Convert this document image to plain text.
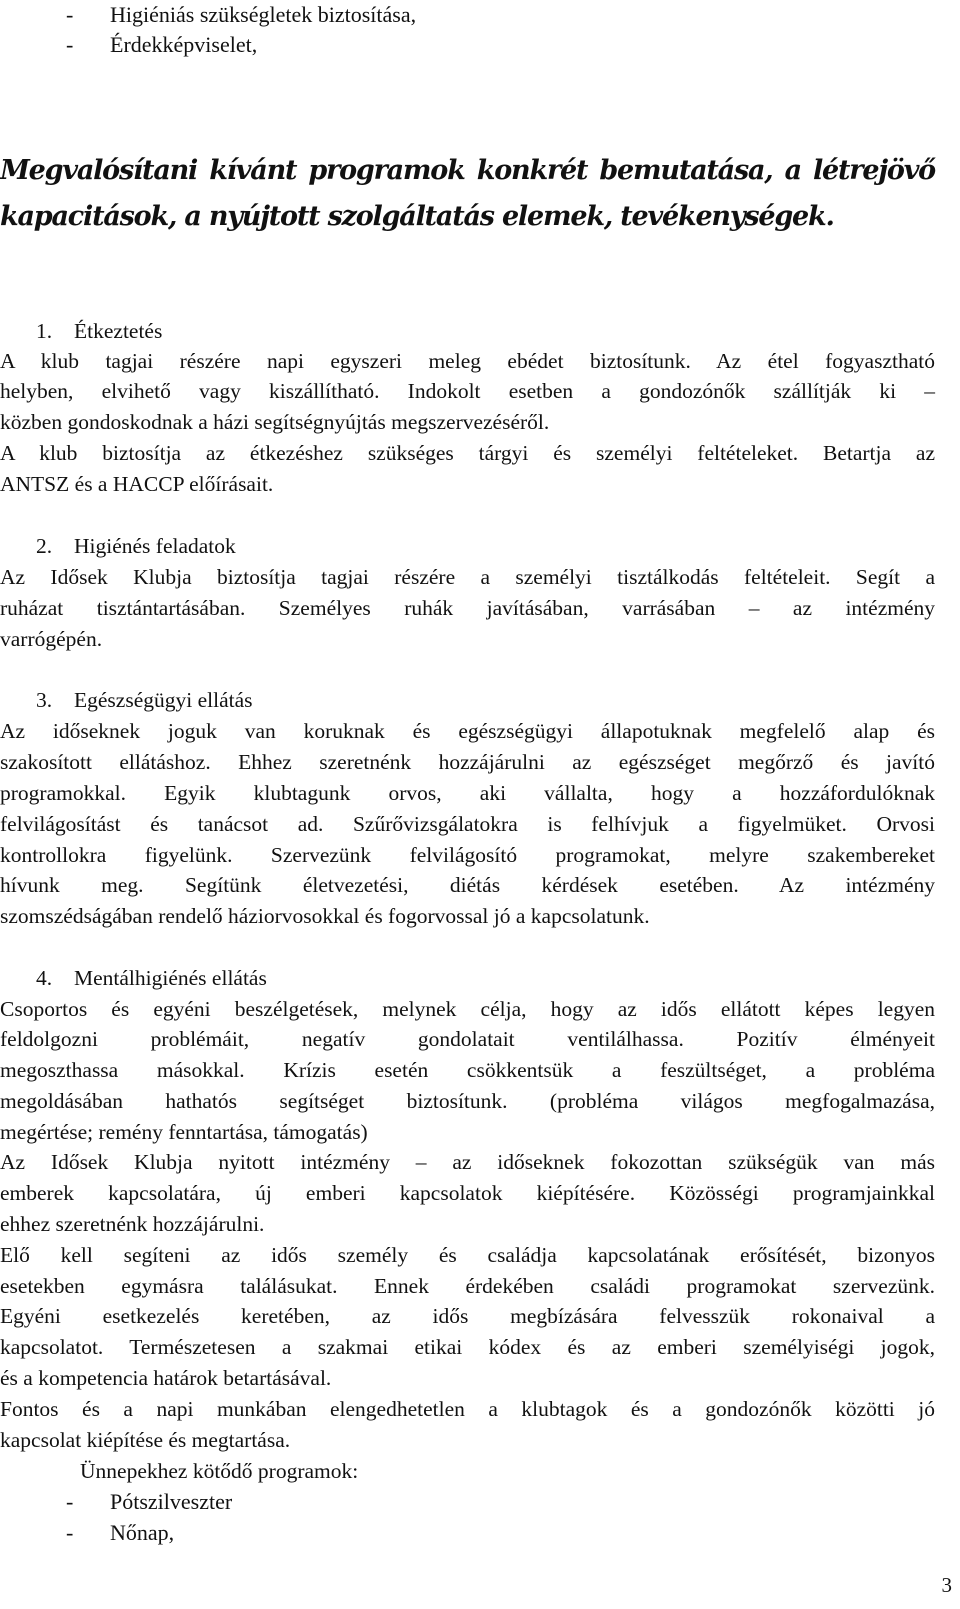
- Higiéniás szükségletek biztosítása,
- Érdekképviselet,
Megvalósítani kívánt programok konkrét bemutatása, a létrejövő
kapacitások, a nyújtott szolgáltatás elemek, tevékenységek.
1. Étkeztetés
A klub tagjai részére napi egyszeri meleg ebédet biztosítunk. Az étel fogyasztható
helyben, elvihető vagy kiszállítható. Indokolt esetben a gondozónők szállítják ki –
közben gondoskodnak a házi segítségnyújtás megszervezéséről.
A klub biztosítja az étkezéshez szükséges tárgyi és személyi feltételeket. Betartja az
ANTSZ és a HACCP előírásait.
2. Higiénés feladatok
Az Idősek Klubja biztosítja tagjai részére a személyi tisztálkodás feltételeit. Segít a
ruházat tisztántartásában. Személyes ruhák javításában, varrásában – az intézmény
varrógépén.
3. Egészségügyi ellátás
Az időseknek joguk van koruknak és egészségügyi állapotuknak megfelelő alap és
szakosított ellátáshoz. Ehhez szeretnénk hozzájárulni az egészséget megőrző és javító
programokkal. Egyik klubtagunk orvos, aki vállalta, hogy a hozzáfordulóknak
felvilágosítást és tanácsot ad. Szűrővizsgálatokra is felhívjuk a figyelmüket. Orvosi
kontrollokra figyelünk. Szervezünk felvilágosító programokat, melyre szakembereket
hívunk meg. Segítünk életvezetési, diétás kérdések esetében. Az intézmény
szomszédságában rendelő háziorvosokkal és fogorvossal jó a kapcsolatunk.
4. Mentálhigiénés ellátás
Csoportos és egyéni beszélgetések, melynek célja, hogy az idős ellátott képes legyen
feldolgozni problémáit, negatív gondolatait ventilálhassa. Pozitív élményeit
megoszthassa másokkal. Krízis esetén csökkentsük a feszültséget, a probléma
megoldásában hathatós segítséget biztosítunk. (probléma világos megfogalmazása,
megértése; remény fenntartása, támogatás)
Az Idősek Klubja nyitott intézmény – az időseknek fokozottan szükségük van más
emberek kapcsolatára, új emberi kapcsolatok kiépítésére. Közösségi programjainkkal
ehhez szeretnénk hozzájárulni.
Elő kell segíteni az idős személy és családja kapcsolatának erősítését, bizonyos
esetekben egymásra találásukat. Ennek érdekében családi programokat szervezünk.
Egyéni esetkezelés keretében, az idős megbízására felvesszük rokonaival a
kapcsolatot. Természetesen a szakmai etikai kódex és az emberi személyiségi jogok,
és a kompetencia határok betartásával.
Fontos és a napi munkában elengedhetetlen a klubtagok és a gondozónők közötti jó
kapcsolat kiépítése és megtartása.
Ünnepekhez kötődő programok:
- Pótszilveszter
- Nőnap,
3
